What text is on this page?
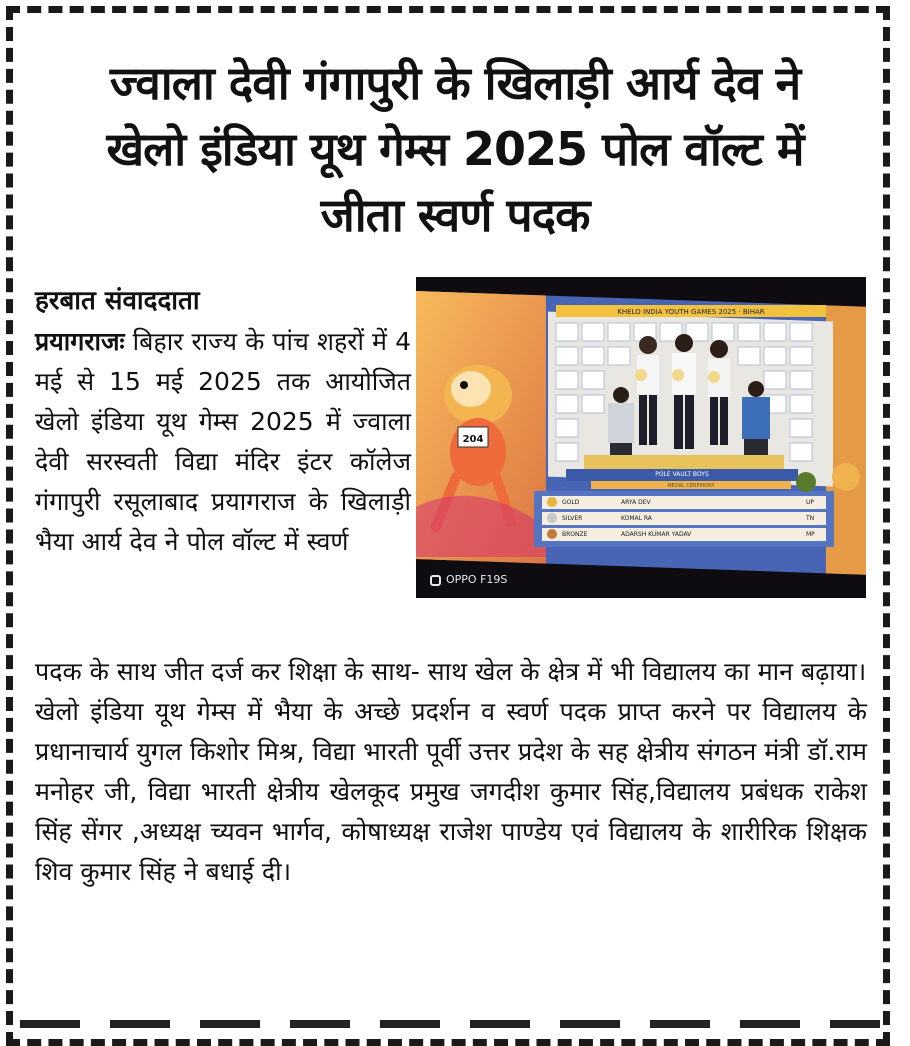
ज्वाला देवी गंगापुरी के खिलाड़ी आर्य देव ने
खेलो इंडिया यूथ गेम्स 2025 पोल वॉल्ट में
जीता स्वर्ण पदक
हरबात संवाददाता
प्रयागराजः बिहार राज्य के पांच शहरों में 4 मई से 15 मई 2025 तक आयोजित खेलो इंडिया यूथ गेम्स 2025 में ज्वाला देवी सरस्वती विद्या मंदिर इंटर कॉलेज गंगापुरी रसूलाबाद प्रयागराज के खिलाड़ी भैया आर्य देव ने पोल वॉल्ट में स्वर्ण
KHELO INDIA YOUTH GAMES 2025 · BIHAR
204
POLE VAULT BOYS
MEDAL CEREMONY
GOLD	ARYA DEV	UP
SILVER	KOMAL RA	TN
BRONZE	ADARSH KUMAR YADAV	MP
OPPO F19S

पदक के साथ जीत दर्ज कर शिक्षा के साथ- साथ खेल के क्षेत्र में भी विद्यालय का मान बढ़ाया।

खेलो इंडिया यूथ गेम्स में भैया के अच्छे प्रदर्शन व स्वर्ण पदक प्राप्त करने पर विद्यालय के प्रधानाचार्य युगल किशोर मिश्र, विद्या भारती पूर्वी उत्तर प्रदेश के सह क्षेत्रीय संगठन मंत्री डॉ.राम मनोहर जी, विद्या भारती क्षेत्रीय खेलकूद प्रमुख जगदीश कुमार सिंह,विद्यालय प्रबंधक राकेश सिंह सेंगर ,अध्यक्ष च्यवन भार्गव, कोषाध्यक्ष राजेश पाण्डेय एवं विद्यालय के शारीरिक शिक्षक शिव कुमार सिंह ने बधाई दी।
